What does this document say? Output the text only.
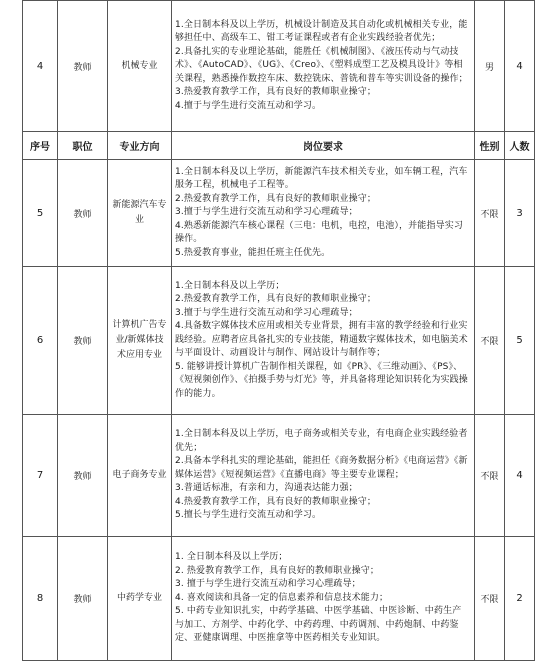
4	教师	机械专业	1.全日制本科及以上学历，机械设计制造及其自动化或机械相关专业，能够担任中、高级车工、钳工考证课程或者有企业实践经验者优先；
2.具备扎实的专业理论基础，能胜任《机械制图》、《液压传动与气动技术》、《AutoCAD》、《UG》、《Creo》、《塑料成型工艺及模具设计》等相关课程，熟悉操作数控车床、数控铣床、普铣和普车等实训设备的操作；
3.热爱教育教学工作，具有良好的教师职业操守；
4.擅于与学生进行交流互动和学习。	男	4
序号	职位	专业方向	岗位要求	性别	人数
5	教师	新能源汽车专业	1.全日制本科及以上学历，新能源汽车技术相关专业，如车辆工程，汽车服务工程，机械电子工程等。
2.热爱教育教学工作，具有良好的教师职业操守；
3.擅于与学生进行交流互动和学习心理疏导；
4.熟悉新能源汽车核心课程（三电：电机，电控，电池），并能指导实习操作。
5.热爱教育事业，能担任班主任优先。	不限	3
6	教师	计算机广告专业/新媒体技术应用专业	1.全日制本科及以上学历；
2.热爱教育教学工作，具有良好的教师职业操守；
3.擅于与学生进行交流互动和学习心理疏导；
4.具备数字媒体技术应用或相关专业背景，拥有丰富的教学经验和行业实践经验。应聘者应具备扎实的专业技能，精通数字媒体技术，如电脑美术与平面设计、动画设计与制作、网站设计与制作等；
5. 能够讲授计算机广告制作相关课程，如《PR》、《三维动画》、《PS》、《短视频创作》、《拍摄手势与灯光》等，并具备将理论知识转化为实践操作的能力。	不限	5
7	教师	电子商务专业	1.全日制本科及以上学历，电子商务或相关专业，有电商企业实践经验者优先；
2.具备本学科扎实的理论基础，能担任《商务数据分析》《电商运营》《新媒体运营》《短视频运营》《直播电商》等主要专业课程；
3.普通话标准，有亲和力，沟通表达能力强；
4.热爱教育教学工作，具有良好的教师职业操守；
5.擅长与学生进行交流互动和学习。	不限	4
8	教师	中药学专业	1. 全日制本科及以上学历；
2. 热爱教育教学工作，具有良好的教师职业操守；
3. 擅于与学生进行交流互动和学习心理疏导；
4. 喜欢阅读和具备一定的信息素养和信息技术能力；
5. 中药专业知识扎实，中药学基础、中医学基础、中医诊断、中药生产与加工、方剂学、中药化学、中药药理、中药调剂、中药炮制、中药鉴定、亚健康调理、中医推拿等中医药相关专业知识。	不限	2
